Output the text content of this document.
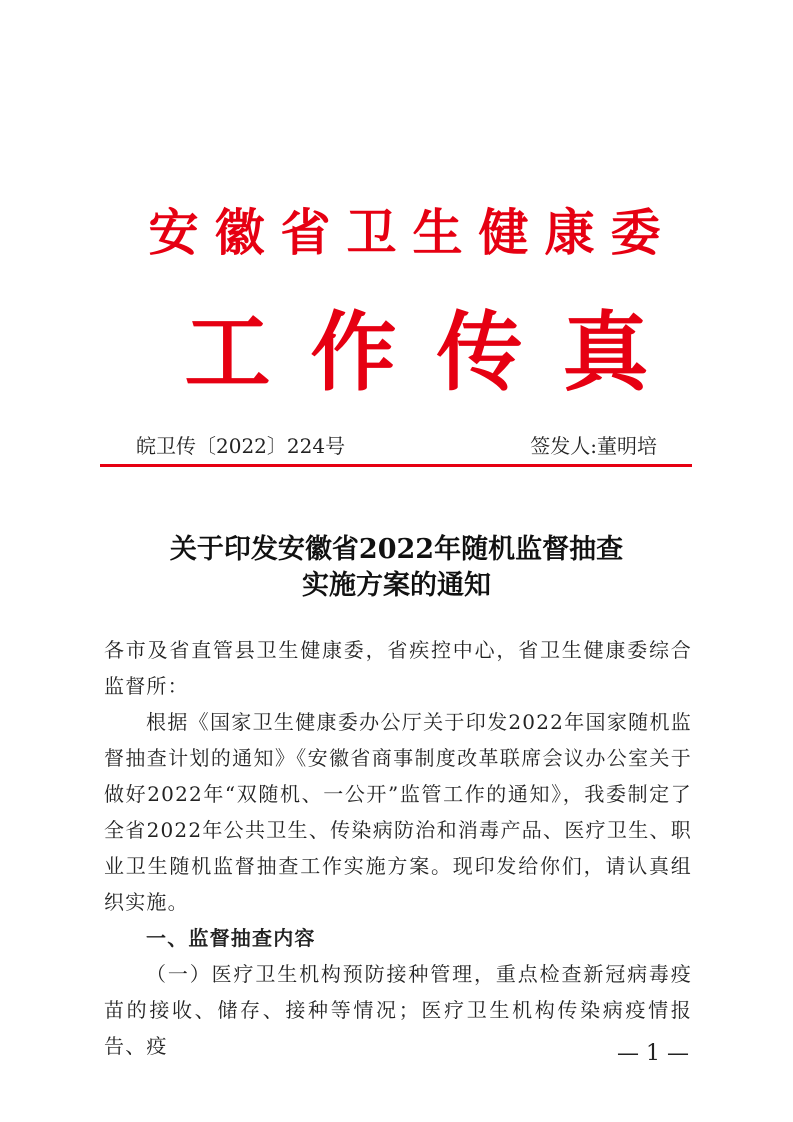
安徽省卫生健康委
工作传真
皖卫传〔2022〕224号	签发人:董明培
关于印发安徽省2022年随机监督抽查
实施方案的通知

各市及省直管县卫生健康委，省疾控中心，省卫生健康委综合监督所：

根据《国家卫生健康委办公厅关于印发2022年国家随机监督抽查计划的通知》《安徽省商事制度改革联席会议办公室关于做好2022年“双随机、一公开”监管工作的通知》，我委制定了全省2022年公共卫生、传染病防治和消毒产品、医疗卫生、职业卫生随机监督抽查工作实施方案。现印发给你们，请认真组织实施。

一、监督抽查内容

（一）医疗卫生机构预防接种管理，重点检查新冠病毒疫苗的接收、储存、接种等情况；医疗卫生机构传染病疫情报告、疫	— 1 —
